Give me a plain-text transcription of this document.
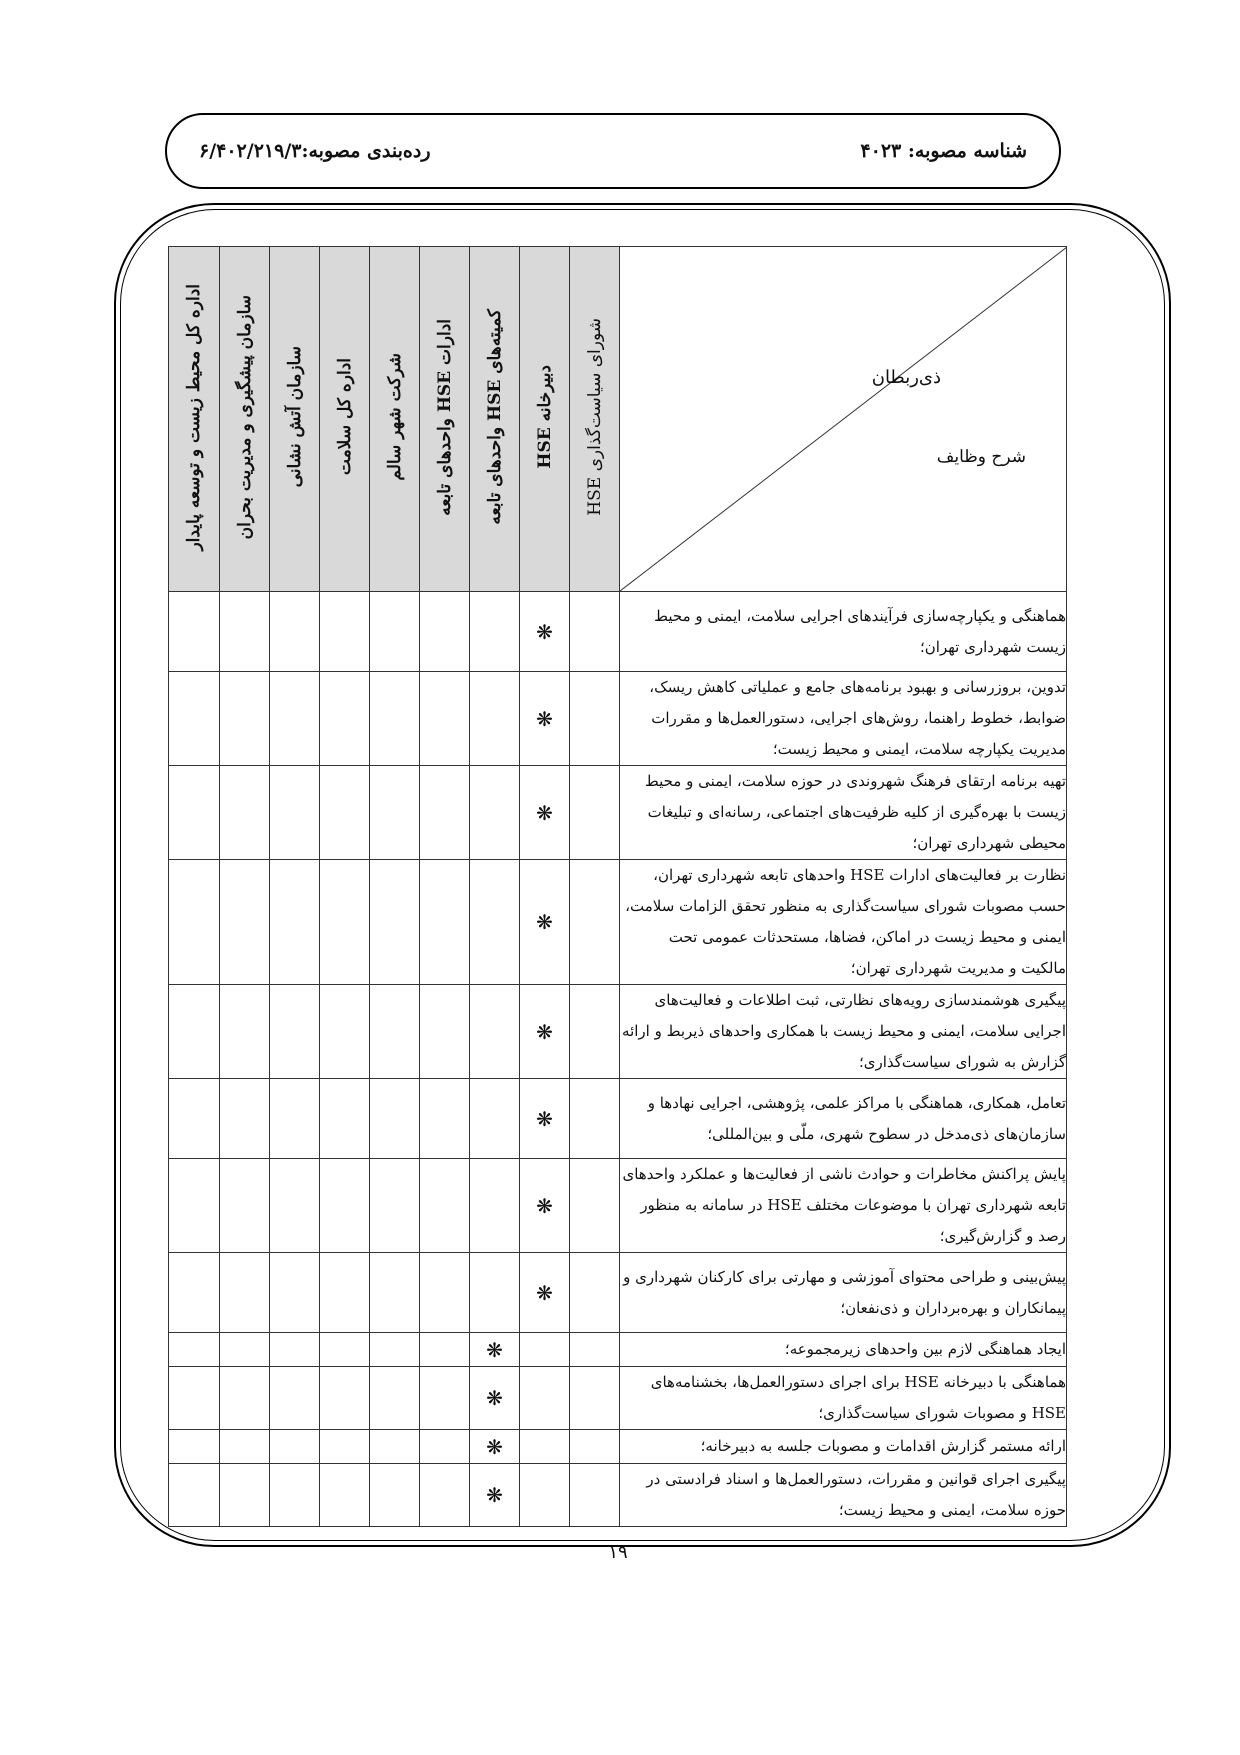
شناسه مصوبه: ۴۰۲۳
رده‌بندی مصوبه:۶/۴۰۲/۲۱۹/۳
ذی‌ربطان
شرح وظایف	شورای سیاست‌گذاری HSE	دبیرخانه HSE	کمیته‌های HSE واحدهای تابعه	ادارات HSE واحدهای تابعه	شرکت شهر سالم	اداره کل سلامت	سازمان آتش نشانی	سازمان پیشگیری و مدیریت بحران	اداره کل محیط زیست و توسعه پایدار
هماهنگی و یکپارچه‌سازی فرآیندهای اجرایی سلامت، ایمنی و محیط زیست شهرداری تهران؛		❋							
تدوین، بروزرسانی و بهبود برنامه‌های جامع و عملیاتی کاهش ریسک، ضوابط، خطوط راهنما، روش‌های اجرایی، دستورالعمل‌ها و مقررات مدیریت یکپارچه سلامت، ایمنی و محیط زیست؛		❋							
تهیه برنامه ارتقای فرهنگ شهروندی در حوزه سلامت، ایمنی و محیط زیست با بهره‌گیری از کلیه ظرفیت‌های اجتماعی، رسانه‌ای و تبلیغات محیطی شهرداری تهران؛		❋							
نظارت بر فعالیت‌های ادارات HSE واحدهای تابعه شهرداری تهران، حسب مصوبات شورای سیاست‌گذاری به منظور تحقق الزامات سلامت، ایمنی و محیط زیست در اماکن، فضاها، مستحدثات عمومی تحت مالکیت و مدیریت شهرداری تهران؛		❋							
پیگیری هوشمندسازی رویه‌های نظارتی، ثبت اطلاعات و فعالیت‌های اجرایی سلامت، ایمنی و محیط زیست با همکاری واحدهای ذیربط و ارائه گزارش به شورای سیاست‌گذاری؛		❋							
تعامل، همکاری، هماهنگی با مراکز علمی، پژوهشی، اجرایی نهادها و سازمان‌های ذی‌مدخل در سطوح شهری، ملّی و بین‌المللی؛		❋							
پایش پراکنش مخاطرات و حوادث ناشی از فعالیت‌ها و عملکرد واحدهای تابعه شهرداری تهران با موضوعات مختلف HSE در سامانه به منظور رصد و گزارش‌گیری؛		❋							
پیش‌بینی و طراحی محتوای آموزشی و مهارتی برای کارکنان شهرداری و پیمانکاران و بهره‌برداران و ذی‌نفعان؛		❋							
ایجاد هماهنگی لازم بین واحدهای زیرمجموعه؛			❋						
هماهنگی با دبیرخانه HSE برای اجرای دستورالعمل‌ها، بخشنامه‌های HSE و مصوبات شورای سیاست‌گذاری؛			❋						
ارائه مستمر گزارش اقدامات و مصوبات جلسه به دبیرخانه؛			❋						
پیگیری اجرای قوانین و مقررات، دستورالعمل‌ها و اسناد فرادستی در حوزه سلامت، ایمنی و محیط زیست؛			❋						
۱۹
